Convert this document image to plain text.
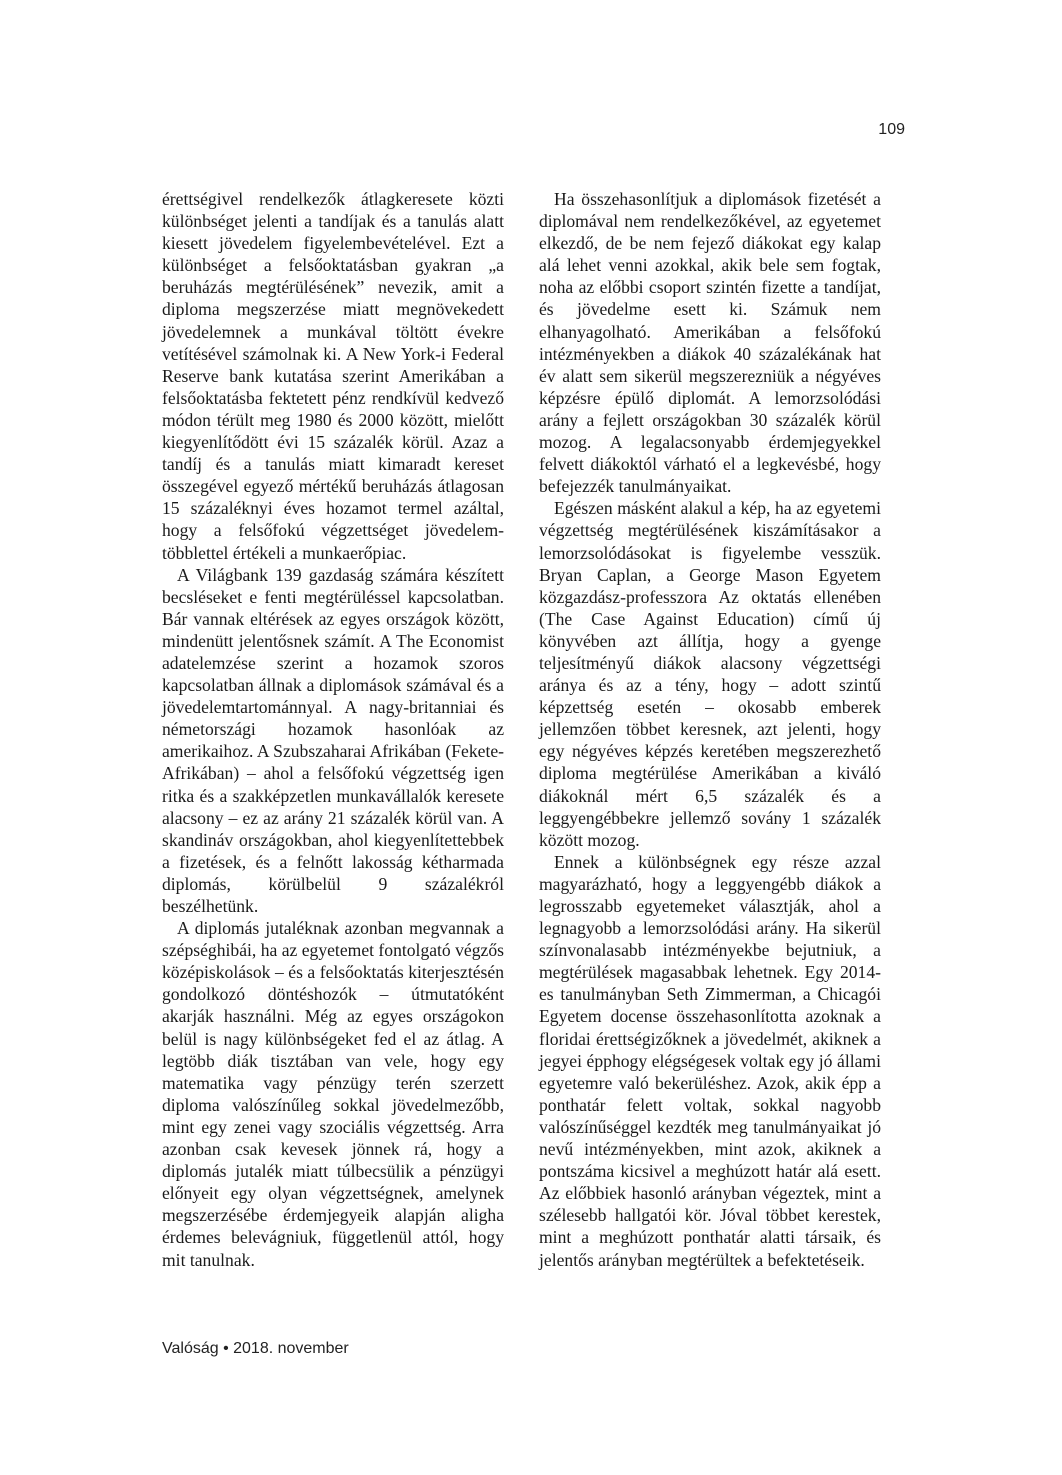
109

érettségivel rendelkezők átlagkeresete közti különbséget jelenti a tandíjak és a tanulás alatt kiesett jövedelem figyelembevételével. Ezt a különbséget a felsőoktatásban gyakran „a beruházás megtérülésének” nevezik, amit a diploma megszerzése miatt megnövekedett jövedelemnek a munkával töltött évekre vetítésével számolnak ki. A New York-i Federal Reserve bank kutatása szerint Amerikában a felsőoktatásba fektetett pénz rendkívül kedvező módon térült meg 1980 és 2000 között, mielőtt kiegyenlítődött évi 15 százalék körül. Azaz a tandíj és a tanulás miatt kimaradt kereset összegével egyező mértékű beruházás átlagosan 15 százaléknyi éves hozamot termel azáltal, hogy a felsőfokú végzettséget jövedelem-többlettel értékeli a munkaerőpiac.

A Világbank 139 gazdaság számára készített becsléseket e fenti megtérüléssel kapcsolatban. Bár vannak eltérések az egyes országok között, mindenütt jelentősnek számít. A The Economist adatelemzése szerint a hozamok szoros kapcsolatban állnak a diplomások számával és a jövedelemtartománnyal. A nagy-britanniai és németországi hozamok hasonlóak az amerikaihoz. A Szubszaharai Afrikában (Fekete-Afrikában) – ahol a felsőfokú végzettség igen ritka és a szakképzetlen munkavállalók keresete alacsony – ez az arány 21 százalék körül van. A skandináv országokban, ahol kiegyenlítettebbek a fizetések, és a felnőtt lakosság kétharmada diplomás, körülbelül 9 százalékról beszélhetünk.

A diplomás jutaléknak azonban megvannak a szépséghibái, ha az egyetemet fontolgató végzős középiskolások – és a felsőoktatás kiterjesztésén gondolkozó döntéshozók – útmutatóként akarják használni. Még az egyes országokon belül is nagy különbségeket fed el az átlag. A legtöbb diák tisztában van vele, hogy egy matematika vagy pénzügy terén szerzett diploma valószínűleg sokkal jövedelmezőbb, mint egy zenei vagy szociális végzettség. Arra azonban csak kevesek jönnek rá, hogy a diplomás jutalék miatt túlbecsülik a pénzügyi előnyeit egy olyan végzettségnek, amelynek megszerzésébe érdemjegyeik alapján aligha érdemes belevágniuk, függetlenül attól, hogy mit tanulnak.

Ha összehasonlítjuk a diplomások fizetését a diplomával nem rendelkezőkével, az egyetemet elkezdő, de be nem fejező diákokat egy kalap alá lehet venni azokkal, akik bele sem fogtak, noha az előbbi csoport szintén fizette a tandíjat, és jövedelme esett ki. Számuk nem elhanyagolható. Amerikában a felsőfokú intézményekben a diákok 40 százalékának hat év alatt sem sikerül megszerezniük a négyéves képzésre épülő diplomát. A lemorzsolódási arány a fejlett országokban 30 százalék körül mozog. A legalacsonyabb érdemjegyekkel felvett diákoktól várható el a legkevésbé, hogy befejezzék tanulmányaikat.

Egészen másként alakul a kép, ha az egyetemi végzettség megtérülésének kiszámításakor a lemorzsolódásokat is figyelembe vesszük. Bryan Caplan, a George Mason Egyetem közgazdász-professzora Az oktatás ellenében (The Case Against Education) című új könyvében azt állítja, hogy a gyenge teljesítményű diákok alacsony végzettségi aránya és az a tény, hogy – adott szintű képzettség esetén – okosabb emberek jellemzően többet keresnek, azt jelenti, hogy egy négyéves képzés keretében megszerezhető diploma megtérülése Amerikában a kiváló diákoknál mért 6,5 százalék és a leggyengébbekre jellemző sovány 1 százalék között mozog.

Ennek a különbségnek egy része azzal magyarázható, hogy a leggyengébb diákok a legrosszabb egyetemeket választják, ahol a legnagyobb a lemorzsolódási arány. Ha sikerül színvonalasabb intézményekbe bejutniuk, a megtérülések magasabbak lehetnek. Egy 2014-es tanulmányban Seth Zimmerman, a Chicagói Egyetem docense összehasonlította azoknak a floridai érettségizőknek a jövedelmét, akiknek a jegyei épphogy elégségesek voltak egy jó állami egyetemre való bekerüléshez. Azok, akik épp a ponthatár felett voltak, sokkal nagyobb valószínűséggel kezdték meg tanulmányaikat jó nevű intézményekben, mint azok, akiknek a pontszáma kicsivel a meghúzott határ alá esett. Az előbbiek hasonló arányban végeztek, mint a szélesebb hallgatói kör. Jóval többet kerestek, mint a meghúzott ponthatár alatti társaik, és jelentős arányban megtérültek a befektetéseik.

Valóság • 2018. november
